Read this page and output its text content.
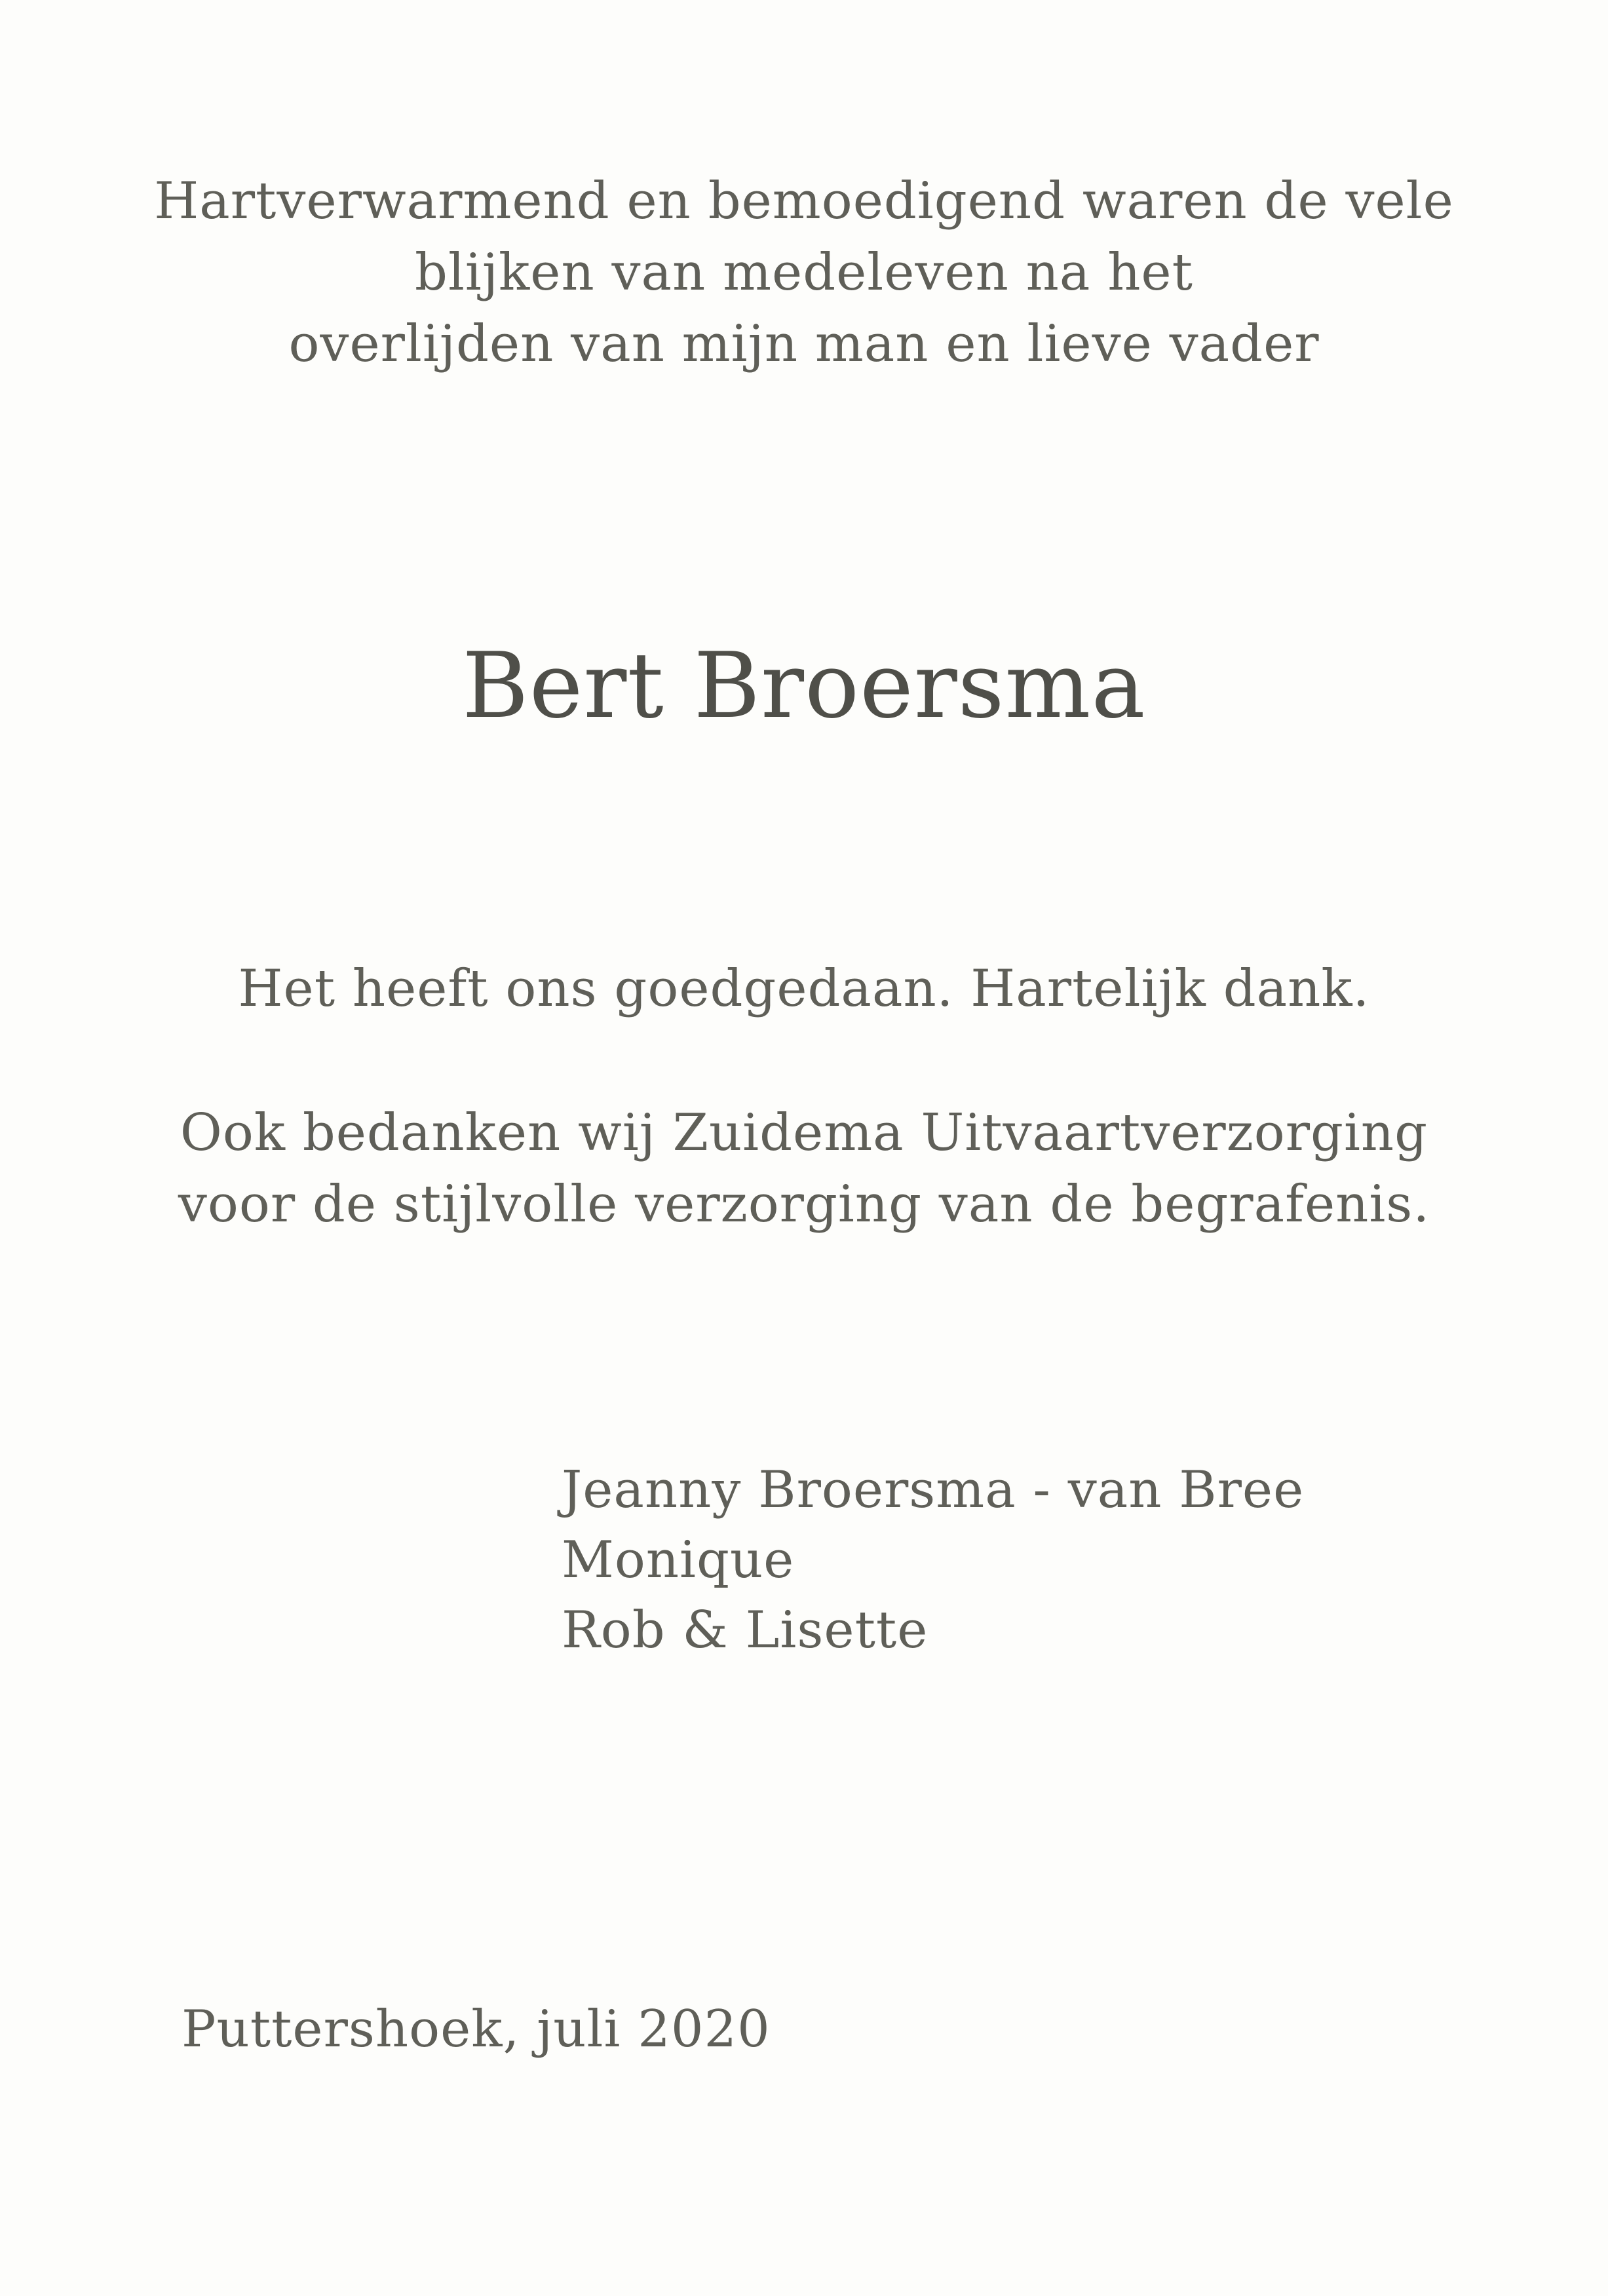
Hartverwarmend en bemoedigend waren de vele
blijken van medeleven na het
overlijden van mijn man en lieve vader
Bert Broersma
Het heeft ons goedgedaan. Hartelijk dank.
Ook bedanken wij Zuidema Uitvaartverzorging
voor de stijlvolle verzorging van de begrafenis.
Jeanny Broersma - van Bree
Monique
Rob & Lisette
Puttershoek, juli 2020
